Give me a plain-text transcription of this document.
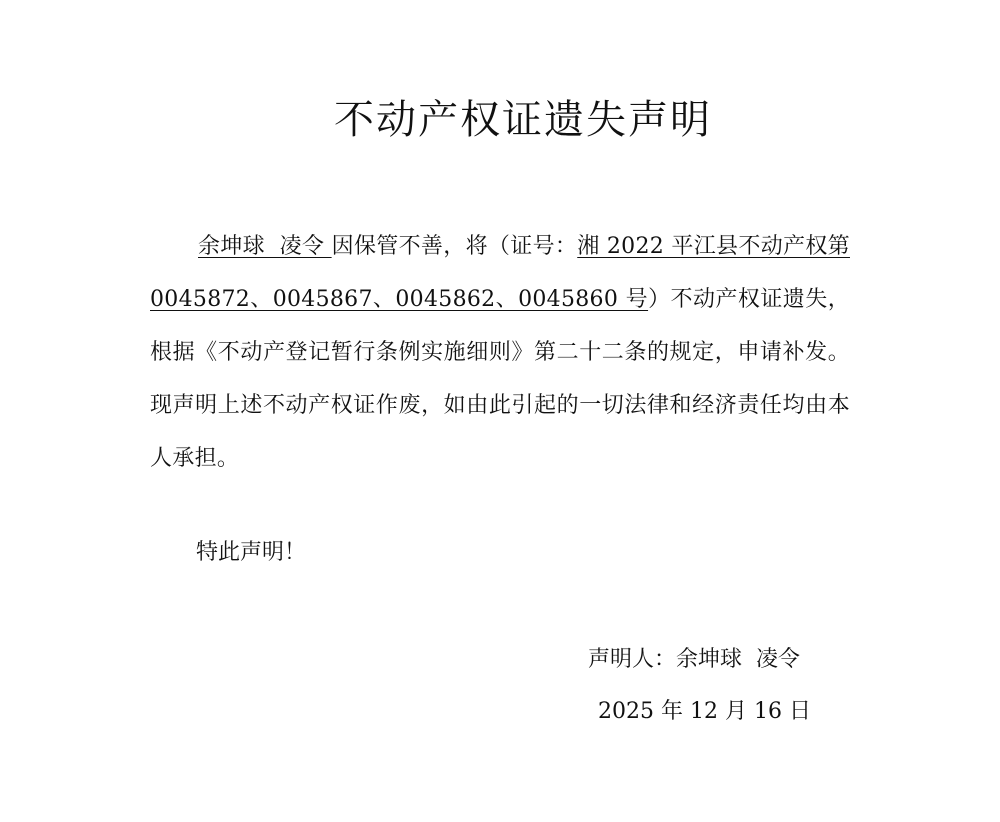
不动产权证遗失声明
余坤球  凌令 因保管不善，将（证号：湘 2022 平江县不动产权第 0045872、0045867、0045862、0045860 号）不动产权证遗失，根据《不动产登记暂行条例实施细则》第二十二条的规定，申请补发。现声明上述不动产权证作废，如由此引起的一切法律和经济责任均由本人承担。
特此声明！
声明人：余坤球  凌令
2025 年 12 月 16 日
